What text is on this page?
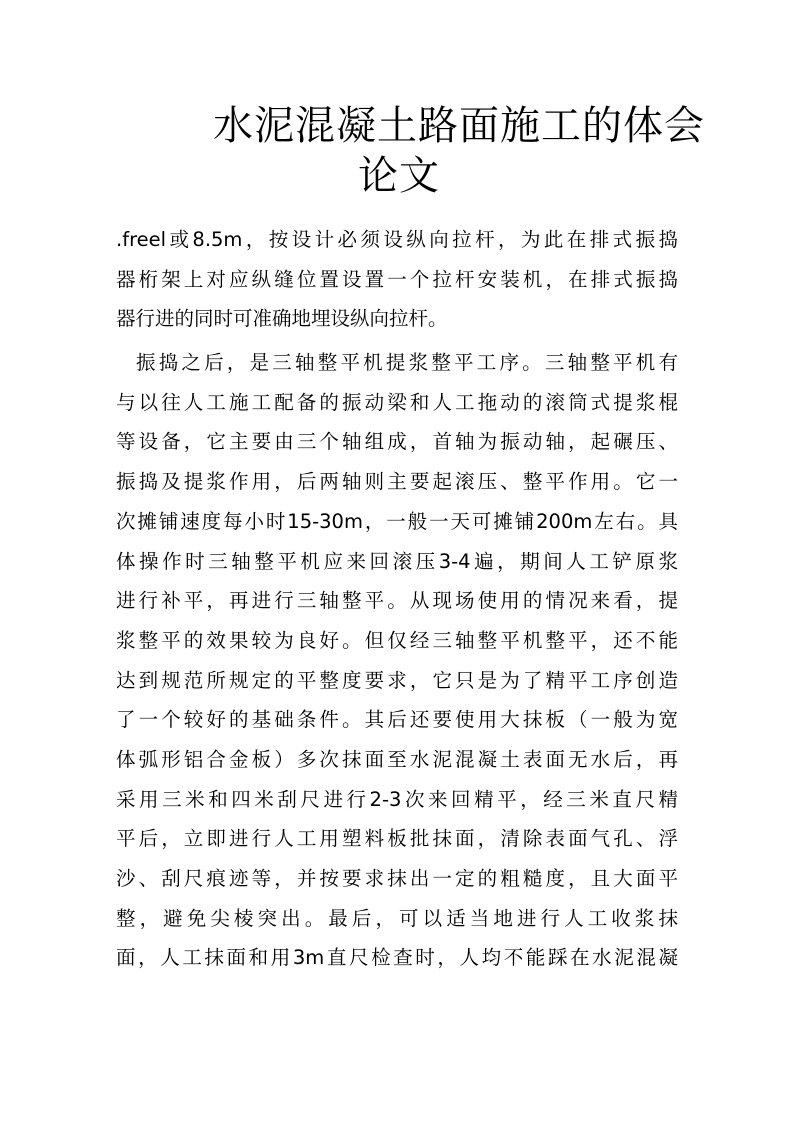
水泥混凝土路面施工的体会
论文
.freel或8.5m，按设计必须设纵向拉杆，为此在排式振捣
器桁架上对应纵缝位置设置一个拉杆安装机，在排式振捣
器行进的同时可准确地埋设纵向拉杆。
振捣之后，是三轴整平机提浆整平工序。三轴整平机有
与以往人工施工配备的振动梁和人工拖动的滚筒式提浆棍
等设备，它主要由三个轴组成，首轴为振动轴，起碾压、
振捣及提浆作用，后两轴则主要起滚压、整平作用。它一
次摊铺速度每小时15-30m，一般一天可摊铺200m左右。具
体操作时三轴整平机应来回滚压3-4遍，期间人工铲原浆
进行补平，再进行三轴整平。从现场使用的情况来看，提
浆整平的效果较为良好。但仅经三轴整平机整平，还不能
达到规范所规定的平整度要求，它只是为了精平工序创造
了一个较好的基础条件。其后还要使用大抹板（一般为宽
体弧形铝合金板）多次抹面至水泥混凝土表面无水后，再
采用三米和四米刮尺进行2-3次来回精平，经三米直尺精
平后，立即进行人工用塑料板批抹面，清除表面气孔、浮
沙、刮尺痕迹等，并按要求抹出一定的粗糙度，且大面平
整，避免尖棱突出。最后，可以适当地进行人工收浆抹
面，人工抹面和用3m直尺检查时，人均不能踩在水泥混凝
